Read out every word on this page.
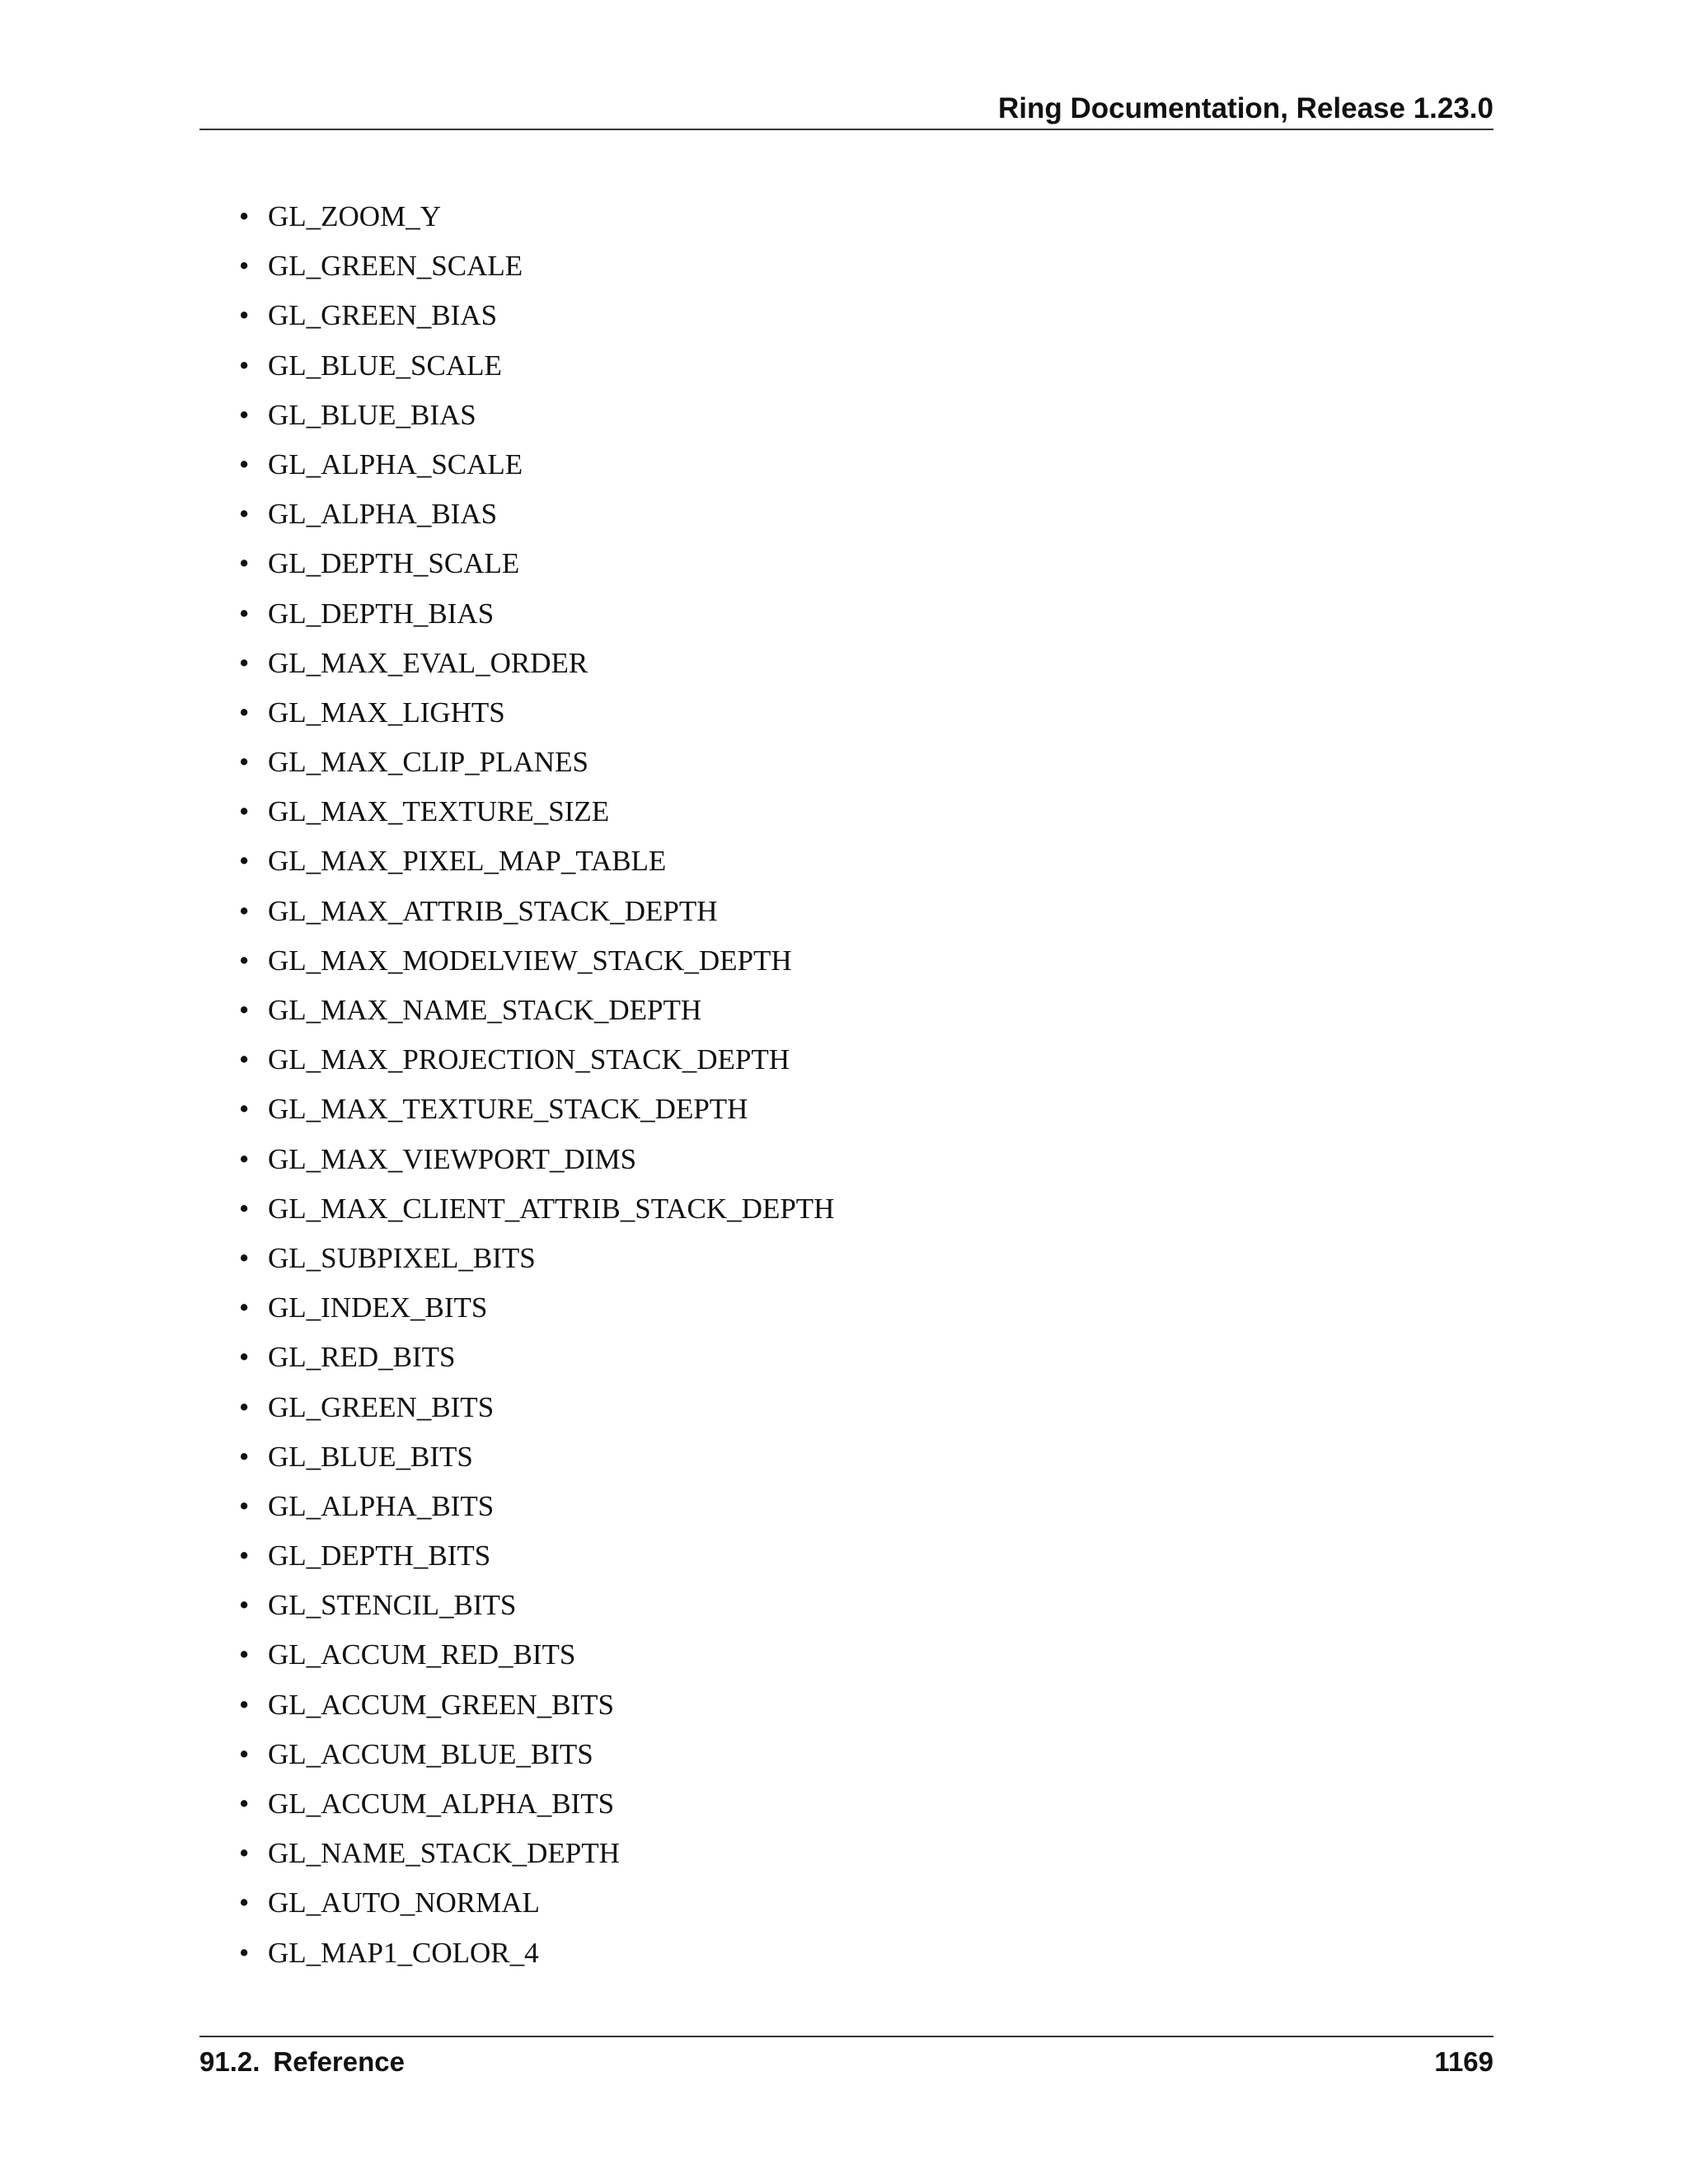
Ring Documentation, Release 1.23.0
• GL_ZOOM_Y
• GL_GREEN_SCALE
• GL_GREEN_BIAS
• GL_BLUE_SCALE
• GL_BLUE_BIAS
• GL_ALPHA_SCALE
• GL_ALPHA_BIAS
• GL_DEPTH_SCALE
• GL_DEPTH_BIAS
• GL_MAX_EVAL_ORDER
• GL_MAX_LIGHTS
• GL_MAX_CLIP_PLANES
• GL_MAX_TEXTURE_SIZE
• GL_MAX_PIXEL_MAP_TABLE
• GL_MAX_ATTRIB_STACK_DEPTH
• GL_MAX_MODELVIEW_STACK_DEPTH
• GL_MAX_NAME_STACK_DEPTH
• GL_MAX_PROJECTION_STACK_DEPTH
• GL_MAX_TEXTURE_STACK_DEPTH
• GL_MAX_VIEWPORT_DIMS
• GL_MAX_CLIENT_ATTRIB_STACK_DEPTH
• GL_SUBPIXEL_BITS
• GL_INDEX_BITS
• GL_RED_BITS
• GL_GREEN_BITS
• GL_BLUE_BITS
• GL_ALPHA_BITS
• GL_DEPTH_BITS
• GL_STENCIL_BITS
• GL_ACCUM_RED_BITS
• GL_ACCUM_GREEN_BITS
• GL_ACCUM_BLUE_BITS
• GL_ACCUM_ALPHA_BITS
• GL_NAME_STACK_DEPTH
• GL_AUTO_NORMAL
• GL_MAP1_COLOR_4
91.2. Reference	1169
